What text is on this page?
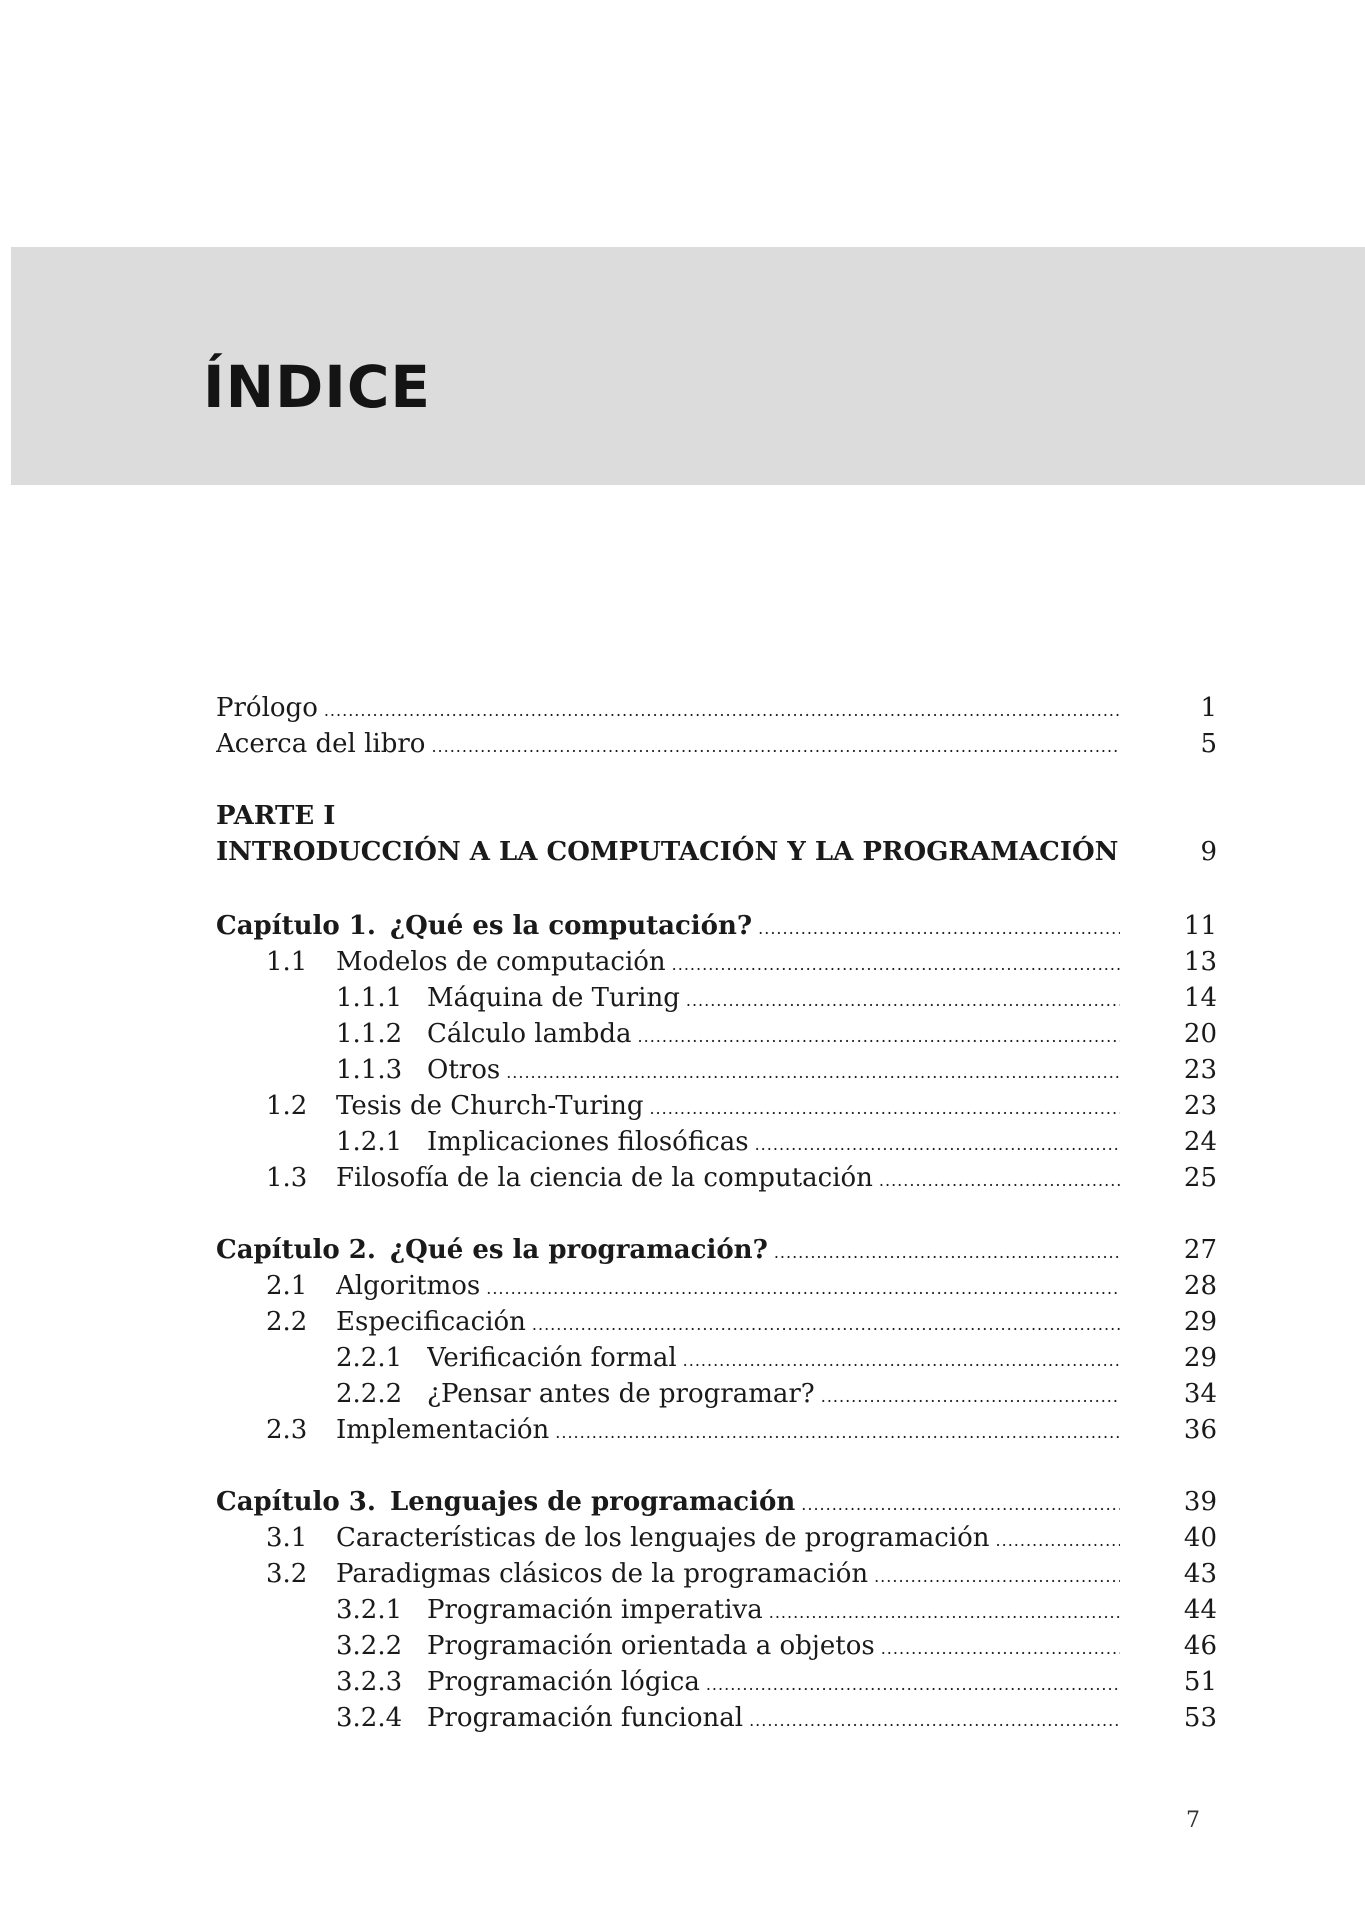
ÍNDICE
Prólogo .....	1
Acerca del libro .....	5
PARTE I
INTRODUCCIÓN A LA COMPUTACIÓN Y LA PROGRAMACIÓN	9
Capítulo 1. ¿Qué es la computación? .....	11
1.1 Modelos de computación .....	13
1.1.1 Máquina de Turing .....	14
1.1.2 Cálculo lambda .....	20
1.1.3 Otros .....	23
1.2 Tesis de Church-Turing .....	23
1.2.1 Implicaciones filosóficas .....	24
1.3 Filosofía de la ciencia de la computación .....	25
Capítulo 2. ¿Qué es la programación? .....	27
2.1 Algoritmos .....	28
2.2 Especificación .....	29
2.2.1 Verificación formal .....	29
2.2.2 ¿Pensar antes de programar? .....	34
2.3 Implementación .....	36
Capítulo 3. Lenguajes de programación .....	39
3.1 Características de los lenguajes de programación .....	40
3.2 Paradigmas clásicos de la programación .....	43
3.2.1 Programación imperativa .....	44
3.2.2 Programación orientada a objetos .....	46
3.2.3 Programación lógica .....	51
3.2.4 Programación funcional .....	53
7
